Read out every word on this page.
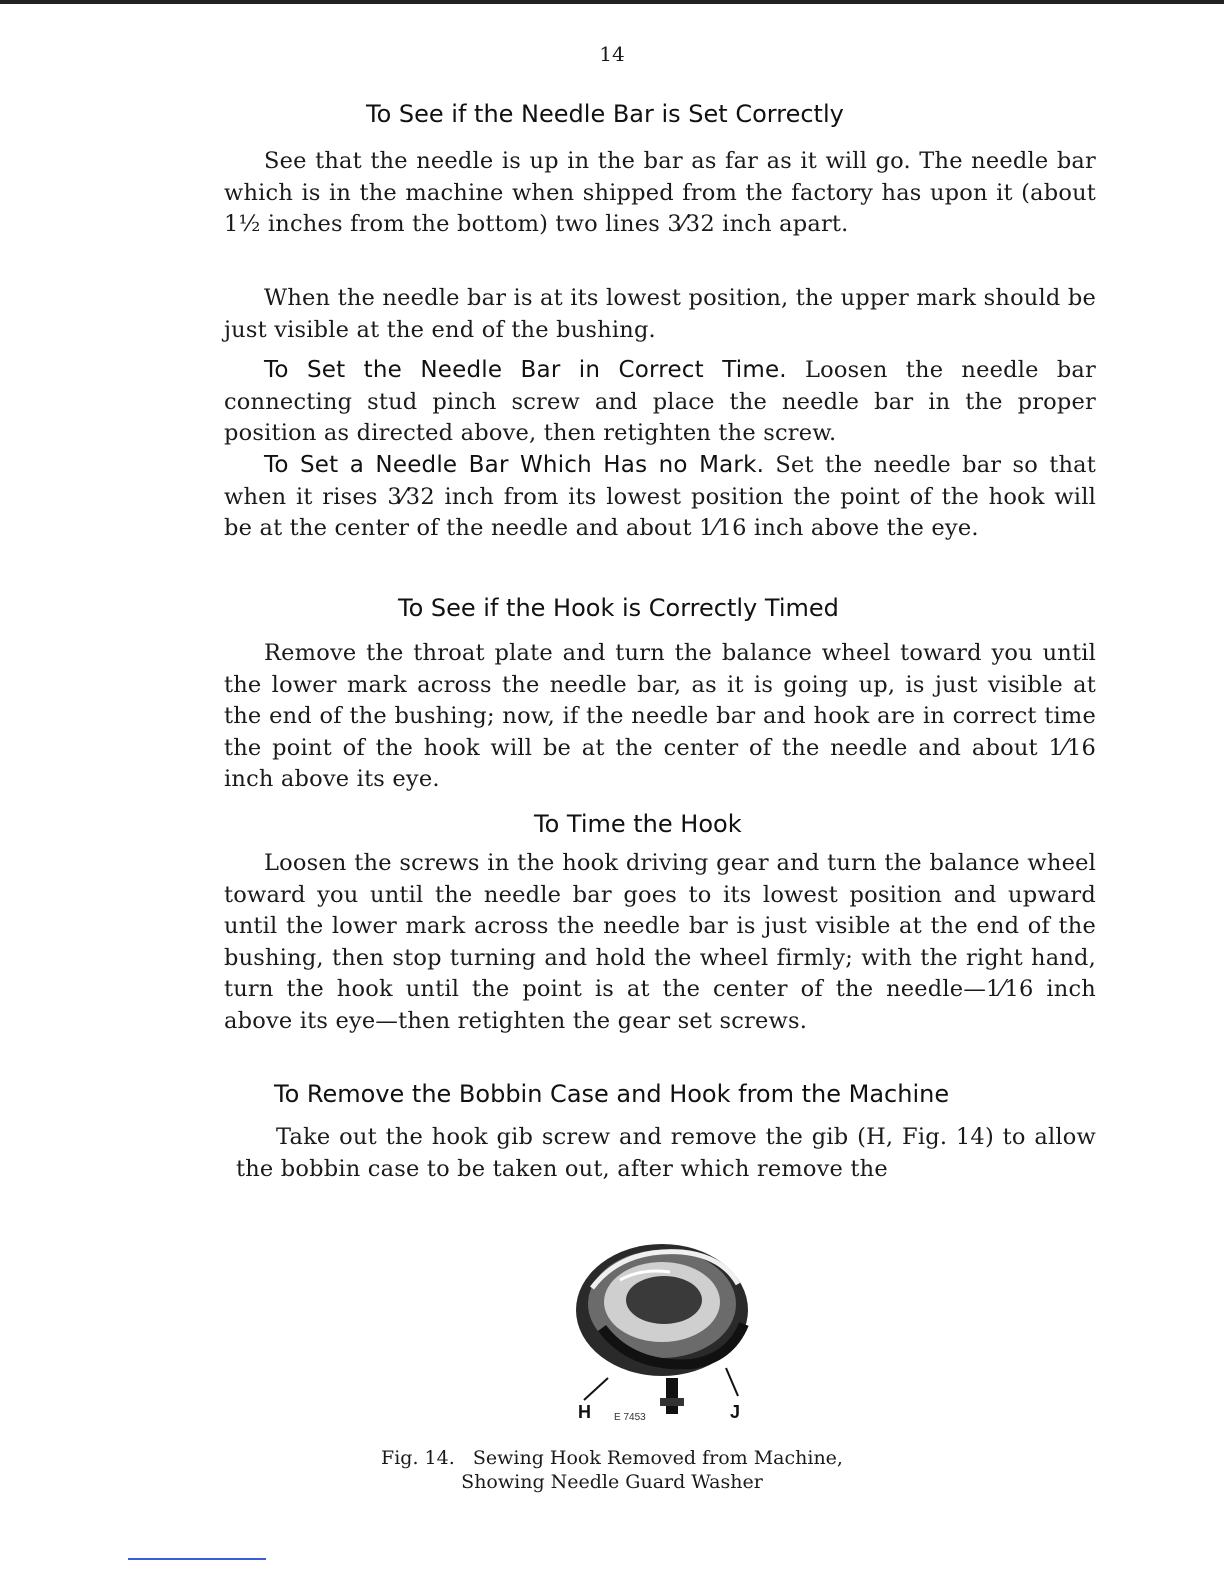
14
To See if the Needle Bar is Set Correctly
See that the needle is up in the bar as far as it will go. The needle bar which is in the machine when shipped from the factory has upon it (about 1½ inches from the bottom) two lines 3⁄32 inch apart.
When the needle bar is at its lowest position, the upper mark should be just visible at the end of the bushing.
To Set the Needle Bar in Correct Time. Loosen the needle bar connecting stud pinch screw and place the needle bar in the proper position as directed above, then retighten the screw.
To Set a Needle Bar Which Has no Mark. Set the needle bar so that when it rises 3⁄32 inch from its lowest position the point of the hook will be at the center of the needle and about 1⁄16 inch above the eye.
To See if the Hook is Correctly Timed
Remove the throat plate and turn the balance wheel toward you until the lower mark across the needle bar, as it is going up, is just visible at the end of the bushing; now, if the needle bar and hook are in correct time the point of the hook will be at the center of the needle and about 1⁄16 inch above its eye.
To Time the Hook
Loosen the screws in the hook driving gear and turn the balance wheel toward you until the needle bar goes to its lowest position and upward until the lower mark across the needle bar is just visible at the end of the bushing, then stop turning and hold the wheel firmly; with the right hand, turn the hook until the point is at the center of the needle—1⁄16 inch above its eye—then retighten the gear set screws.
To Remove the Bobbin Case and Hook from the Machine
Take out the hook gib screw and remove the gib (H, Fig. 14) to allow the bobbin case to be taken out, after which remove the
H	J
E 7453
Fig. 14.   Sewing Hook Removed from Machine,
Showing Needle Guard Washer
